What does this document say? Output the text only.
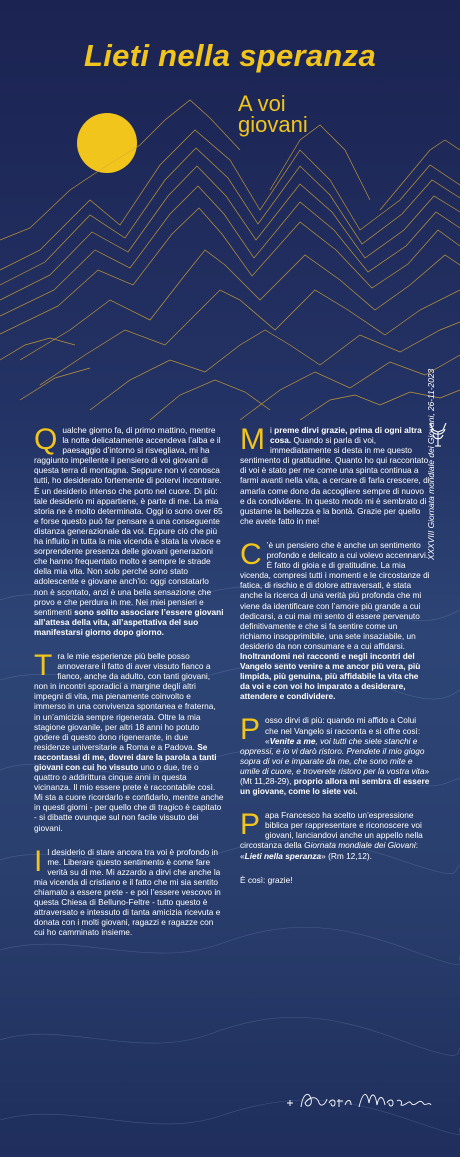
Lieti nella speranza
A voi
giovani
XXXVIII Giornata mondiale dei Giovani, 26-11-2023

Qualche giorno fa, di primo mattino, mentre la notte delicatamente accendeva l’alba e il paesaggio d’intorno si risvegliava, mi ha raggiunto impellente il pensiero di voi giovani di questa terra di montagna. Seppure non vi conosca tutti, ho desiderato fortemente di potervi incontrare. È un desiderio intenso che porto nel cuore. Di più: tale desiderio mi appartiene, è parte di me. La mia storia ne è molto determinata. Oggi io sono over 65 e forse questo può far pensare a una conseguente distanza generazionale da voi. Eppure ciò che più ha influito in tutta la mia vicenda è stata la vivace e sorprendente presenza delle giovani generazioni che hanno frequentato molto e sempre le strade della mia vita. Non solo perché sono stato adolescente e giovane anch’io: oggi constatarlo non è scontato, anzi è una bella sensazione che provo e che perdura in me. Nei miei pensieri e sentimenti sono solito associare l’essere giovani all’attesa della vita, all’aspettativa del suo manifestarsi giorno dopo giorno.

Tra le mie esperienze più belle posso annoverare il fatto di aver vissuto fianco a fianco, anche da adulto, con tanti giovani, non in incontri sporadici a margine degli altri impegni di vita, ma pienamente coinvolto e immerso in una convivenza spontanea e fraterna, in un’amicizia sempre rigenerata. Oltre la mia stagione giovanile, per altri 18 anni ho potuto godere di questo dono rigenerante, in due residenze universitarie a Roma e a Padova. Se raccontassi di me, dovrei dare la parola a tanti giovani con cui ho vissuto uno o due, tre o quattro o addirittura cinque anni in questa vicinanza. Il mio essere prete è raccontabile così. Mi sta a cuore ricordarlo e confidarlo, mentre anche in questi giorni - per quello che di tragico è capitato - si dibatte ovunque sul non facile vissuto dei giovani.

Il desiderio di stare ancora tra voi è profondo in me. Liberare questo sentimento è come fare verità su di me. Mi azzardo a dirvi che anche la mia vicenda di cristiano e il fatto che mi sia sentito chiamato a essere prete - e poi l’essere vescovo in questa Chiesa di Belluno-Feltre - tutto questo è attraversato e intessuto di tanta amicizia ricevuta e donata con i molti giovani, ragazzi e ragazze con cui ho camminato insieme.

Mi preme dirvi grazie, prima di ogni altra cosa. Quando si parla di voi, immediatamente si desta in me questo sentimento di gratitudine. Quanto ho qui raccontato di voi è stato per me come una spinta continua a farmi avanti nella vita, a cercare di farla crescere, di amarla come dono da accogliere sempre di nuovo e da condividere. In questo modo mi è sembrato di gustarne la bellezza e la bontà. Grazie per quello che avete fatto in me!

C ’è un pensiero che è anche un sentimento profondo e delicato a cui volevo accennarvi. È fatto di gioia e di gratitudine. La mia vicenda, compresi tutti i momenti e le circostanze di fatica, di rischio e di dolore attraversati, è stata anche la ricerca di una verità più profonda che mi viene da identificare con l’amore più grande a cui dedicarsi, a cui mai mi sento di essere pervenuto definitivamente e che si fa sentire come un richiamo insopprimibile, una sete insaziabile, un desiderio da non consumare e a cui affidarsi. Inoltrandomi nei racconti e negli incontri del Vangelo sento venire a me ancor più vera, più limpida, più genuina, più affidabile la vita che da voi e con voi ho imparato a desiderare, attendere e condividere.

Posso dirvi di più: quando mi affido a Colui che nel Vangelo si racconta e si offre così: «Venite a me, voi tutti che siete stanchi e oppressi, e io vi darò ristoro. Prendete il mio giogo sopra di voi e imparate da me, che sono mite e umile di cuore, e troverete ristoro per la vostra vita» (Mt 11,28-29), proprio allora mi sembra di essere un giovane, come lo siete voi.

Papa Francesco ha scelto un’espressione biblica per rappresentare e riconoscere voi giovani, lanciandovi anche un appello nella circostanza della Giornata mondiale dei Giovani: «Lieti nella speranza» (Rm 12,12).

È così: grazie!
